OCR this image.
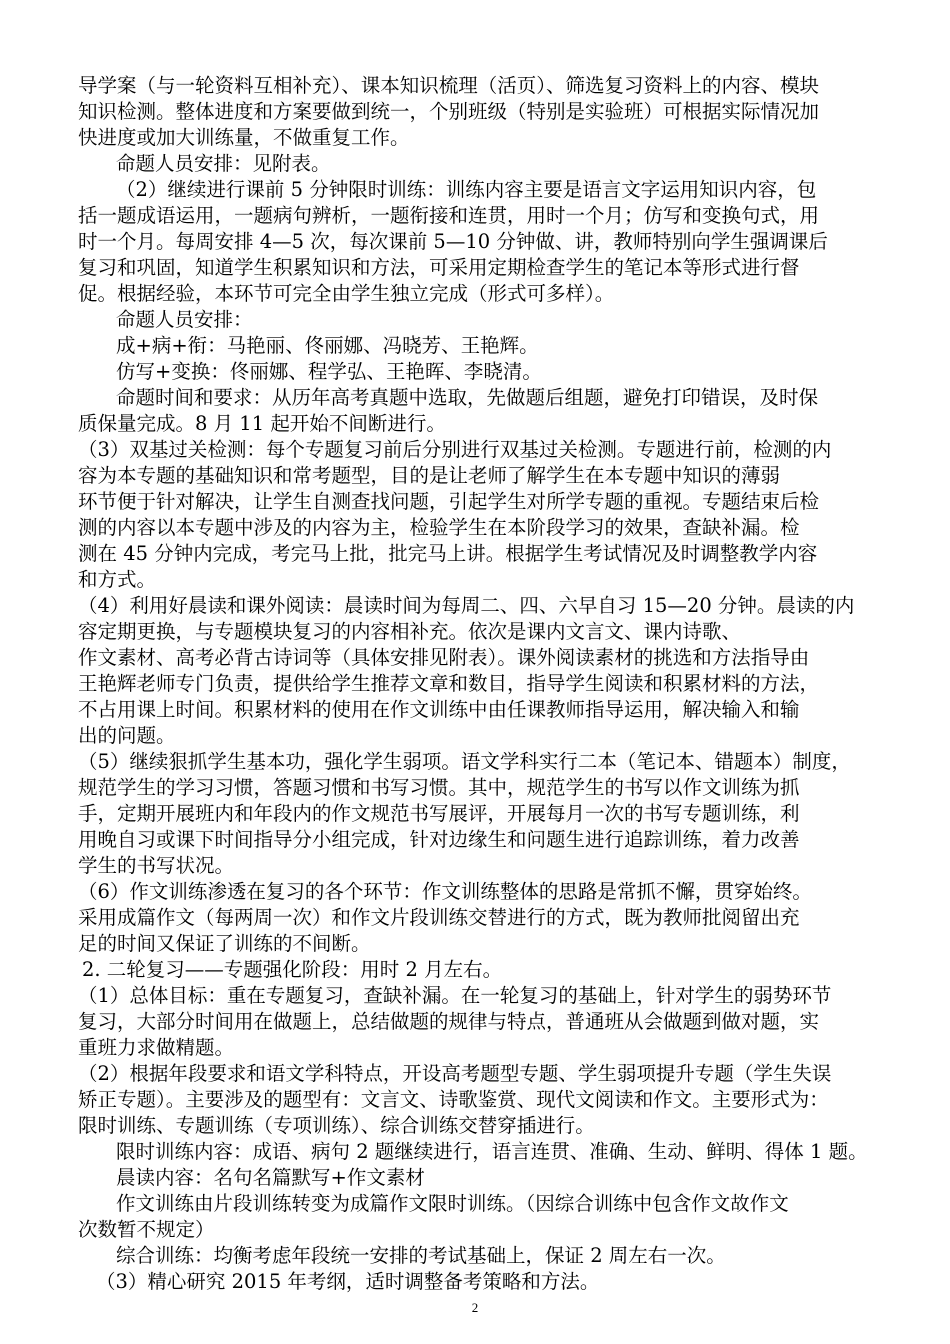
导学案（与一轮资料互相补充）、课本知识梳理（活页）、筛选复习资料上的内容、模块
知识检测。整体进度和方案要做到统一，个别班级（特别是实验班）可根据实际情况加
快进度或加大训练量，不做重复工作。
命题人员安排：见附表。
（2）继续进行课前 5 分钟限时训练：训练内容主要是语言文字运用知识内容，包
括一题成语运用，一题病句辨析，一题衔接和连贯，用时一个月；仿写和变换句式，用
时一个月。每周安排 4—5 次，每次课前 5—10 分钟做、讲，教师特别向学生强调课后
复习和巩固，知道学生积累知识和方法，可采用定期检查学生的笔记本等形式进行督
促。根据经验，本环节可完全由学生独立完成（形式可多样）。
命题人员安排：
成+病+衔：马艳丽、佟丽娜、冯晓芳、王艳辉。
仿写+变换：佟丽娜、程学弘、王艳晖、李晓清。
命题时间和要求：从历年高考真题中选取，先做题后组题，避免打印错误，及时保
质保量完成。8 月 11 起开始不间断进行。
（3）双基过关检测：每个专题复习前后分别进行双基过关检测。专题进行前，检测的内
容为本专题的基础知识和常考题型，目的是让老师了解学生在本专题中知识的薄弱
环节便于针对解决，让学生自测查找问题，引起学生对所学专题的重视。专题结束后检
测的内容以本专题中涉及的内容为主，检验学生在本阶段学习的效果，查缺补漏。检
测在 45 分钟内完成，考完马上批，批完马上讲。根据学生考试情况及时调整教学内容
和方式。
（4）利用好晨读和课外阅读：晨读时间为每周二、四、六早自习 15—20 分钟。晨读的内
容定期更换，与专题模块复习的内容相补充。依次是课内文言文、课内诗歌、
作文素材、高考必背古诗词等（具体安排见附表）。课外阅读素材的挑选和方法指导由
王艳辉老师专门负责，提供给学生推荐文章和数目，指导学生阅读和积累材料的方法，
不占用课上时间。积累材料的使用在作文训练中由任课教师指导运用，解决输入和输
出的问题。
（5）继续狠抓学生基本功，强化学生弱项。语文学科实行二本（笔记本、错题本）制度，
规范学生的学习习惯，答题习惯和书写习惯。其中，规范学生的书写以作文训练为抓
手，定期开展班内和年段内的作文规范书写展评，开展每月一次的书写专题训练，利
用晚自习或课下时间指导分小组完成，针对边缘生和问题生进行追踪训练，着力改善
学生的书写状况。
（6）作文训练渗透在复习的各个环节：作文训练整体的思路是常抓不懈，贯穿始终。
采用成篇作文（每两周一次）和作文片段训练交替进行的方式，既为教师批阅留出充
足的时间又保证了训练的不间断。
2. 二轮复习——专题强化阶段：用时 2 月左右。
（1）总体目标：重在专题复习，查缺补漏。在一轮复习的基础上，针对学生的弱势环节
复习，大部分时间用在做题上，总结做题的规律与特点，普通班从会做题到做对题，实
重班力求做精题。
（2）根据年段要求和语文学科特点，开设高考题型专题、学生弱项提升专题（学生失误
矫正专题）。主要涉及的题型有：文言文、诗歌鉴赏、现代文阅读和作文。主要形式为：
限时训练、专题训练（专项训练）、综合训练交替穿插进行。
限时训练内容：成语、病句 2 题继续进行，语言连贯、准确、生动、鲜明、得体 1 题。
晨读内容：名句名篇默写+作文素材
作文训练由片段训练转变为成篇作文限时训练。（因综合训练中包含作文故作文
次数暂不规定）
综合训练：均衡考虑年段统一安排的考试基础上，保证 2 周左右一次。
（3）精心研究 2015 年考纲，适时调整备考策略和方法。
2
